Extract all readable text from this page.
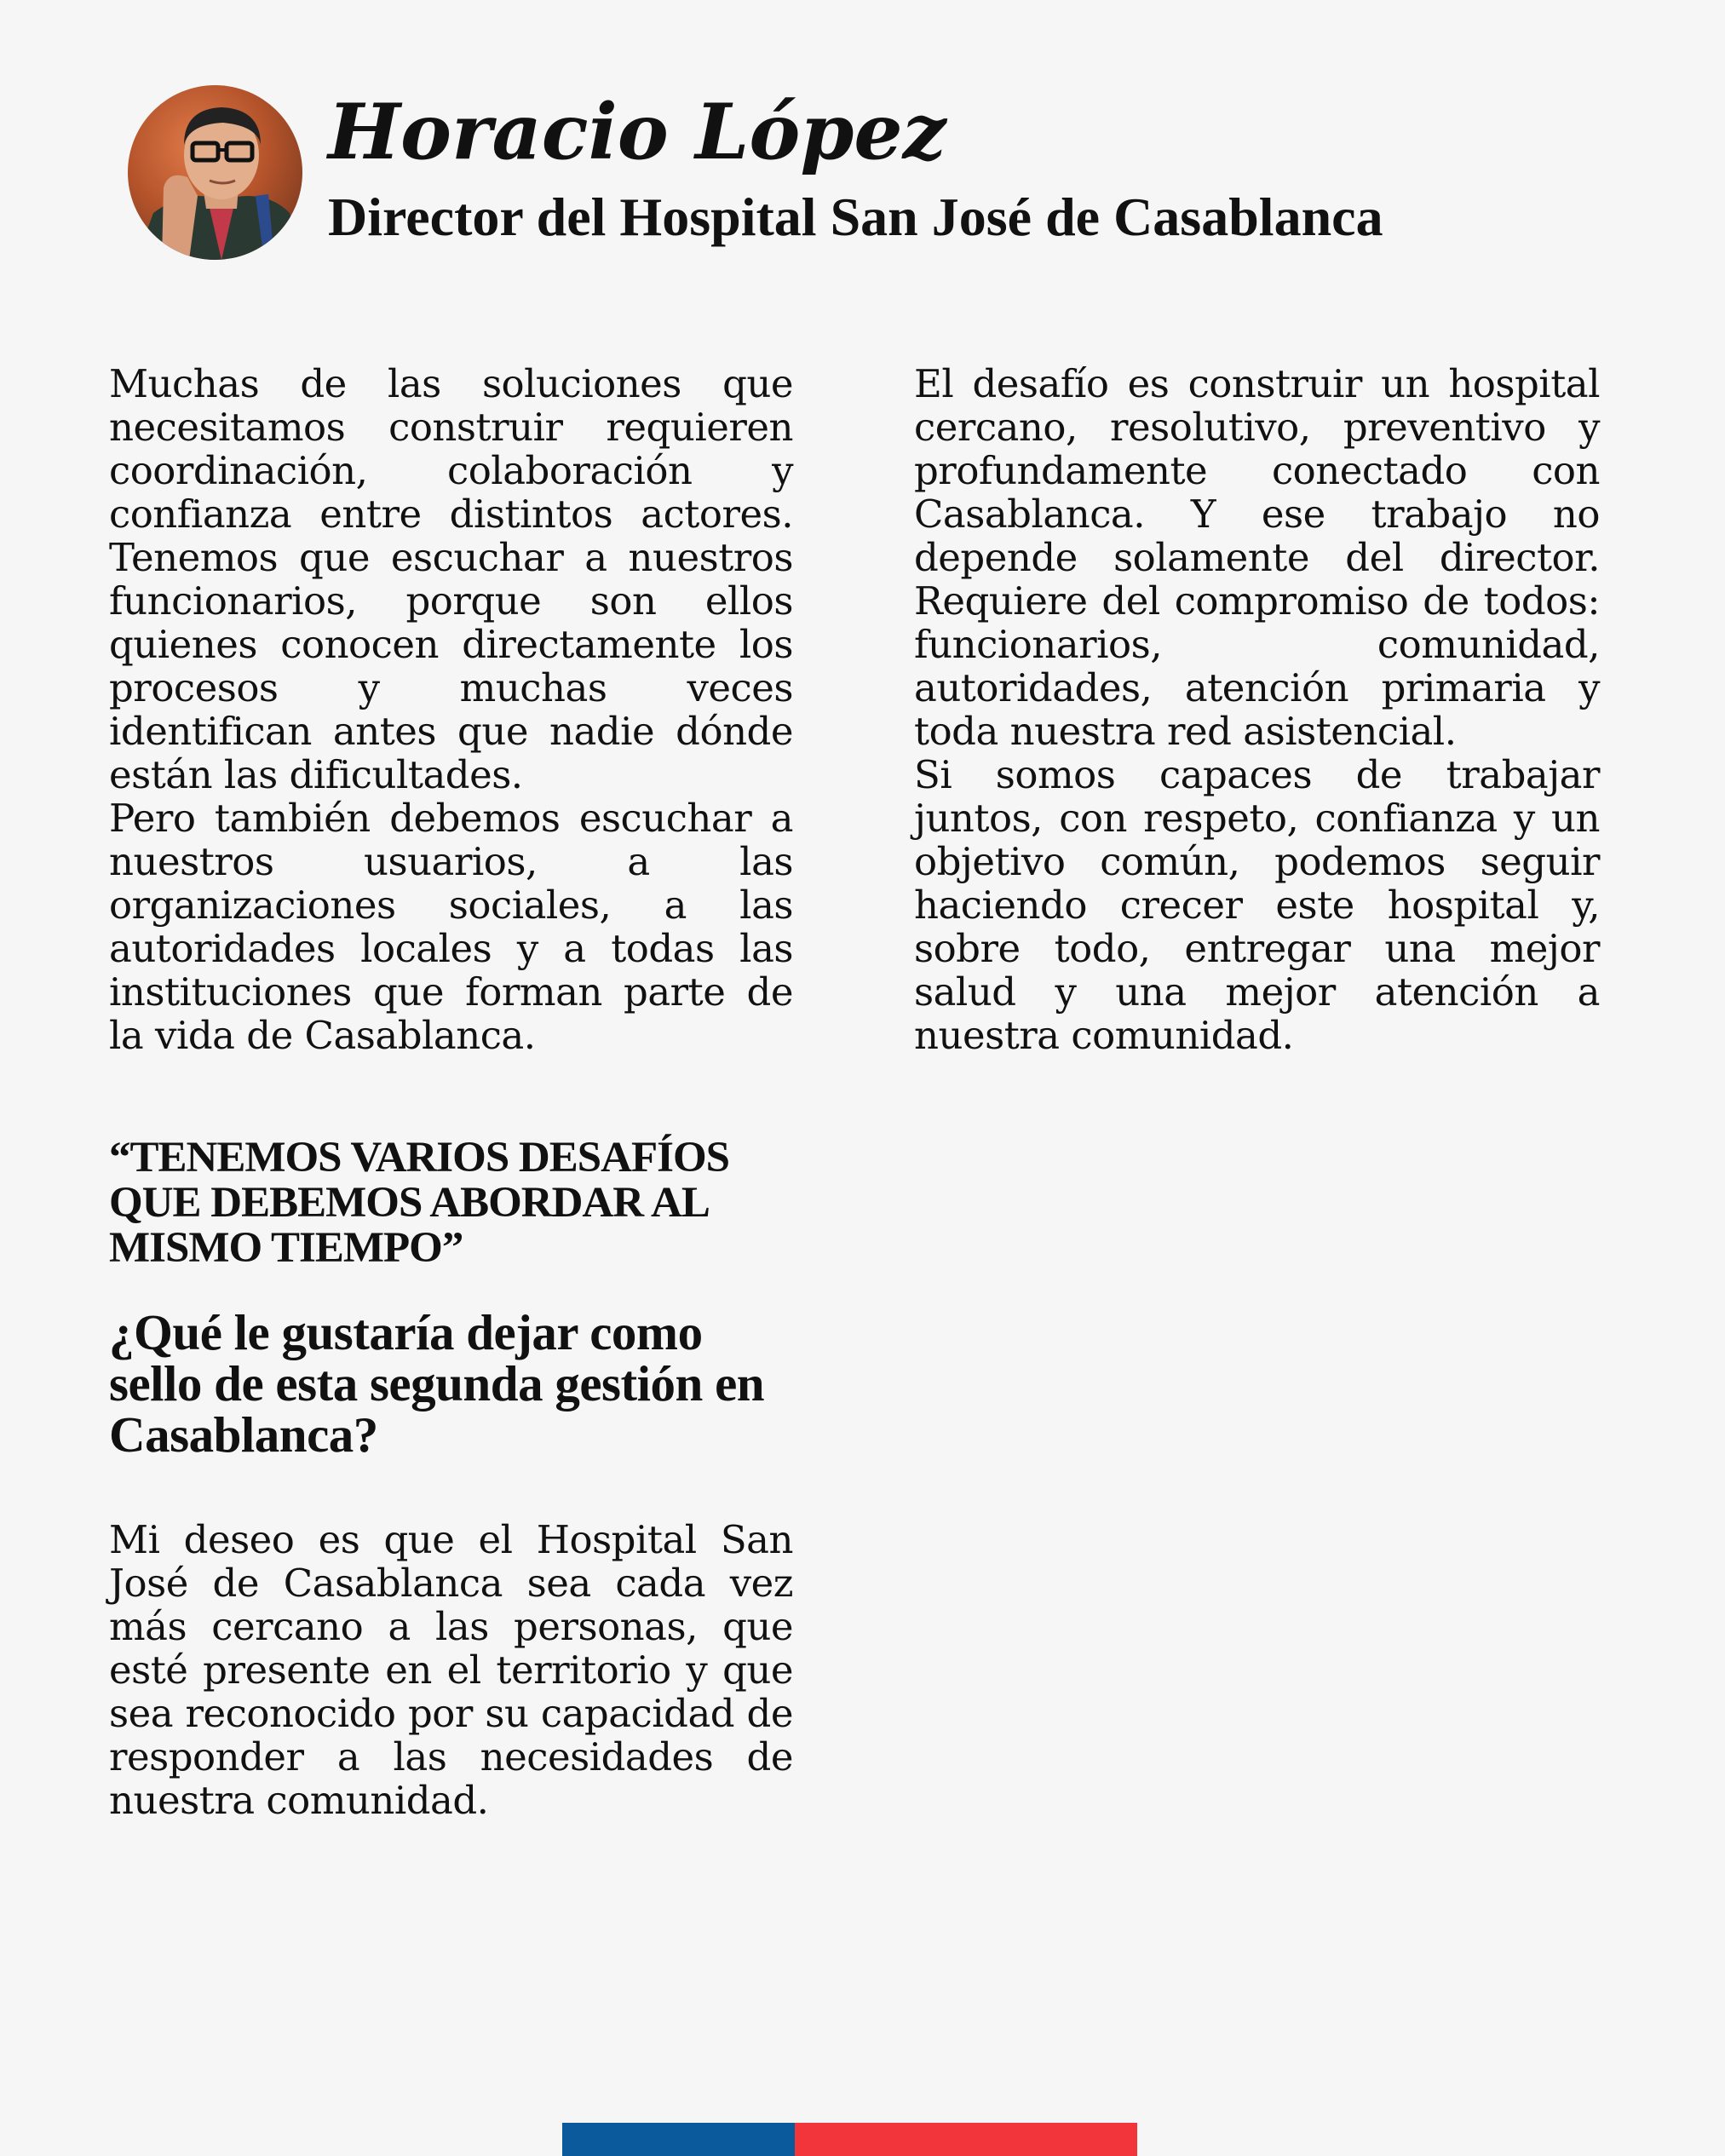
Horacio López
Director del Hospital San José de Casablanca

Muchas de las soluciones que necesitamos construir requieren coordinación, colaboración y confianza entre distintos actores. Tenemos que escuchar a nuestros funcionarios, porque son ellos quienes conocen directamente los procesos y muchas veces identifican antes que nadie dónde están las dificultades.

Pero también debemos escuchar a nuestros usuarios, a las organizaciones sociales, a las autoridades locales y a todas las instituciones que forman parte de la vida de Casablanca.

“TENEMOS VARIOS DESAFÍOS QUE DEBEMOS ABORDAR AL MISMO TIEMPO”

¿Qué le gustaría dejar como sello de esta segunda gestión en Casablanca?

Mi deseo es que el Hospital San José de Casablanca sea cada vez más cercano a las personas, que esté presente en el territorio y que sea reconocido por su capacidad de responder a las necesidades de nuestra comunidad.

El desafío es construir un hospital cercano, resolutivo, preventivo y profundamente conectado con Casablanca. Y ese trabajo no depende solamente del director. Requiere del compromiso de todos: funcionarios, comunidad, autoridades, atención primaria y toda nuestra red asistencial.

Si somos capaces de trabajar juntos, con respeto, confianza y un objetivo común, podemos seguir haciendo crecer este hospital y, sobre todo, entregar una mejor salud y una mejor atención a nuestra comunidad.
